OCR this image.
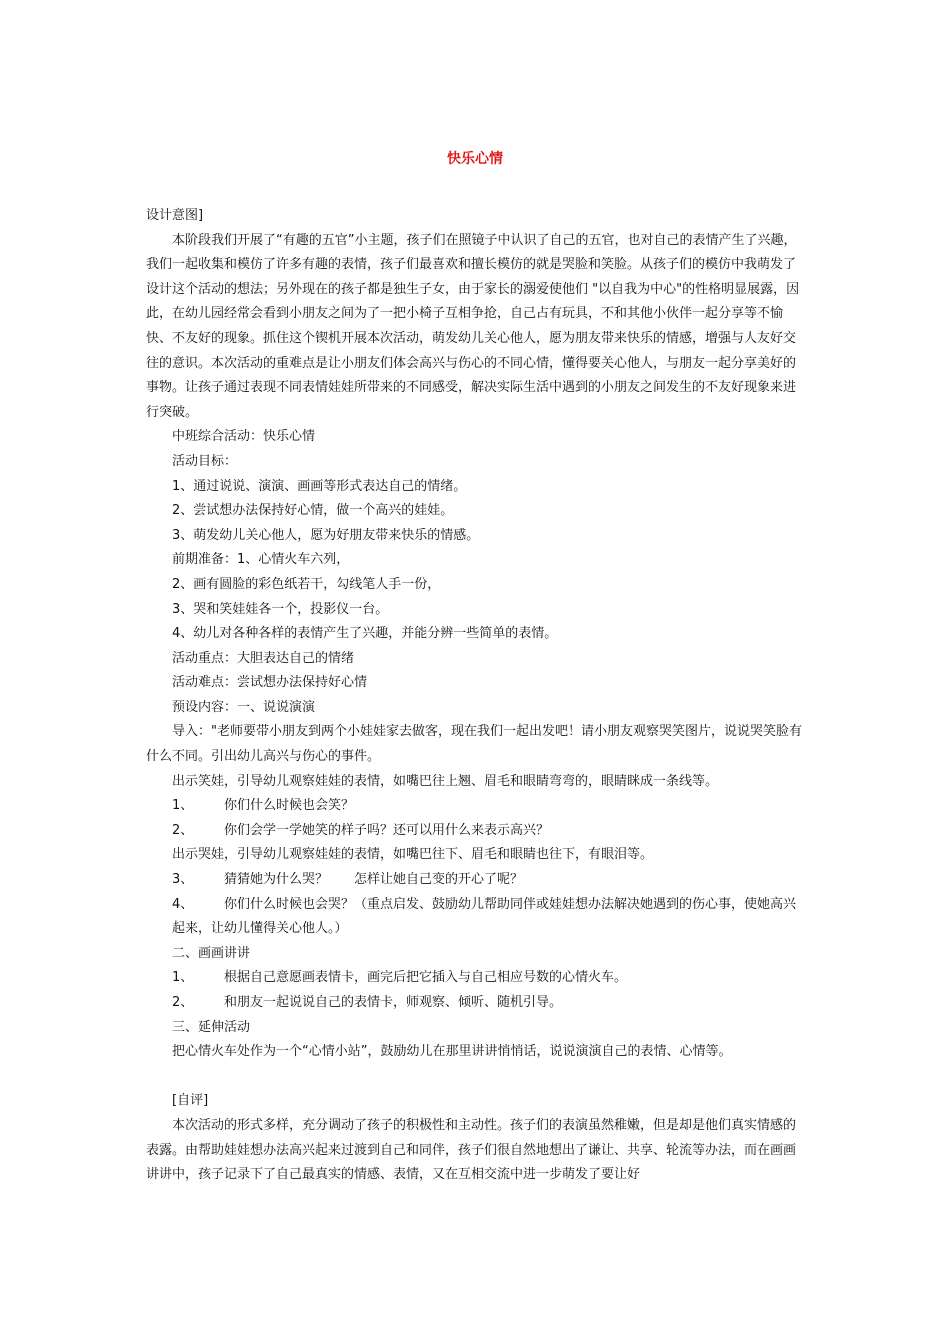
快乐心情

设计意图]

本阶段我们开展了“有趣的五官”小主题，孩子们在照镜子中认识了自己的五官，也对自己的表情产生了兴趣，我们一起收集和模仿了许多有趣的表情，孩子们最喜欢和擅长模仿的就是哭脸和笑脸。从孩子们的模仿中我萌发了设计这个活动的想法；另外现在的孩子都是独生子女，由于家长的溺爱使他们 "以自我为中心"的性格明显展露，因此，在幼儿园经常会看到小朋友之间为了一把小椅子互相争抢，自己占有玩具，不和其他小伙伴一起分享等不愉快、不友好的现象。抓住这个锲机开展本次活动，萌发幼儿关心他人，愿为朋友带来快乐的情感，增强与人友好交往的意识。本次活动的重难点是让小朋友们体会高兴与伤心的不同心情，懂得要关心他人，与朋友一起分享美好的事物。让孩子通过表现不同表情娃娃所带来的不同感受，解决实际生活中遇到的小朋友之间发生的不友好现象来进行突破。

中班综合活动：快乐心情

活动目标：

1、通过说说、演演、画画等形式表达自己的情绪。

2、尝试想办法保持好心情，做一个高兴的娃娃。

3、萌发幼儿关心他人，愿为好朋友带来快乐的情感。

前期准备：1、心情火车六列，

2、画有圆脸的彩色纸若干，勾线笔人手一份，

3、哭和笑娃娃各一个，投影仪一台。

4、幼儿对各种各样的表情产生了兴趣，并能分辨一些简单的表情。

活动重点：大胆表达自己的情绪

活动难点：尝试想办法保持好心情

预设内容：一、说说演演

导入："老师要带小朋友到两个小娃娃家去做客，现在我们一起出发吧！请小朋友观察哭笑图片，说说哭笑脸有什么不同。引出幼儿高兴与伤心的事件。

出示笑娃，引导幼儿观察娃娃的表情，如嘴巴往上翘、眉毛和眼睛弯弯的，眼睛眯成一条线等。

1、 你们什么时候也会笑？

2、 你们会学一学她笑的样子吗？还可以用什么来表示高兴？

出示哭娃，引导幼儿观察娃娃的表情，如嘴巴往下、眉毛和眼睛也往下，有眼泪等。

3、 猜猜她为什么哭？ 怎样让她自己变的开心了呢？

4、 你们什么时候也会哭？（重点启发、鼓励幼儿帮助同伴或娃娃想办法解决她遇到的伤心事，使她高兴起来，让幼儿懂得关心他人。）

二、画画讲讲

1、 根据自己意愿画表情卡，画完后把它插入与自己相应号数的心情火车。

2、 和朋友一起说说自己的表情卡，师观察、倾听、随机引导。

三、延伸活动

把心情火车处作为一个“心情小站”，鼓励幼儿在那里讲讲悄悄话，说说演演自己的表情、心情等。

[自评]

本次活动的形式多样，充分调动了孩子的积极性和主动性。孩子们的表演虽然稚嫩，但是却是他们真实情感的表露。由帮助娃娃想办法高兴起来过渡到自己和同伴，孩子们很自然地想出了谦让、共享、轮流等办法，而在画画讲讲中，孩子记录下了自己最真实的情感、表情，又在互相交流中进一步萌发了要让好
